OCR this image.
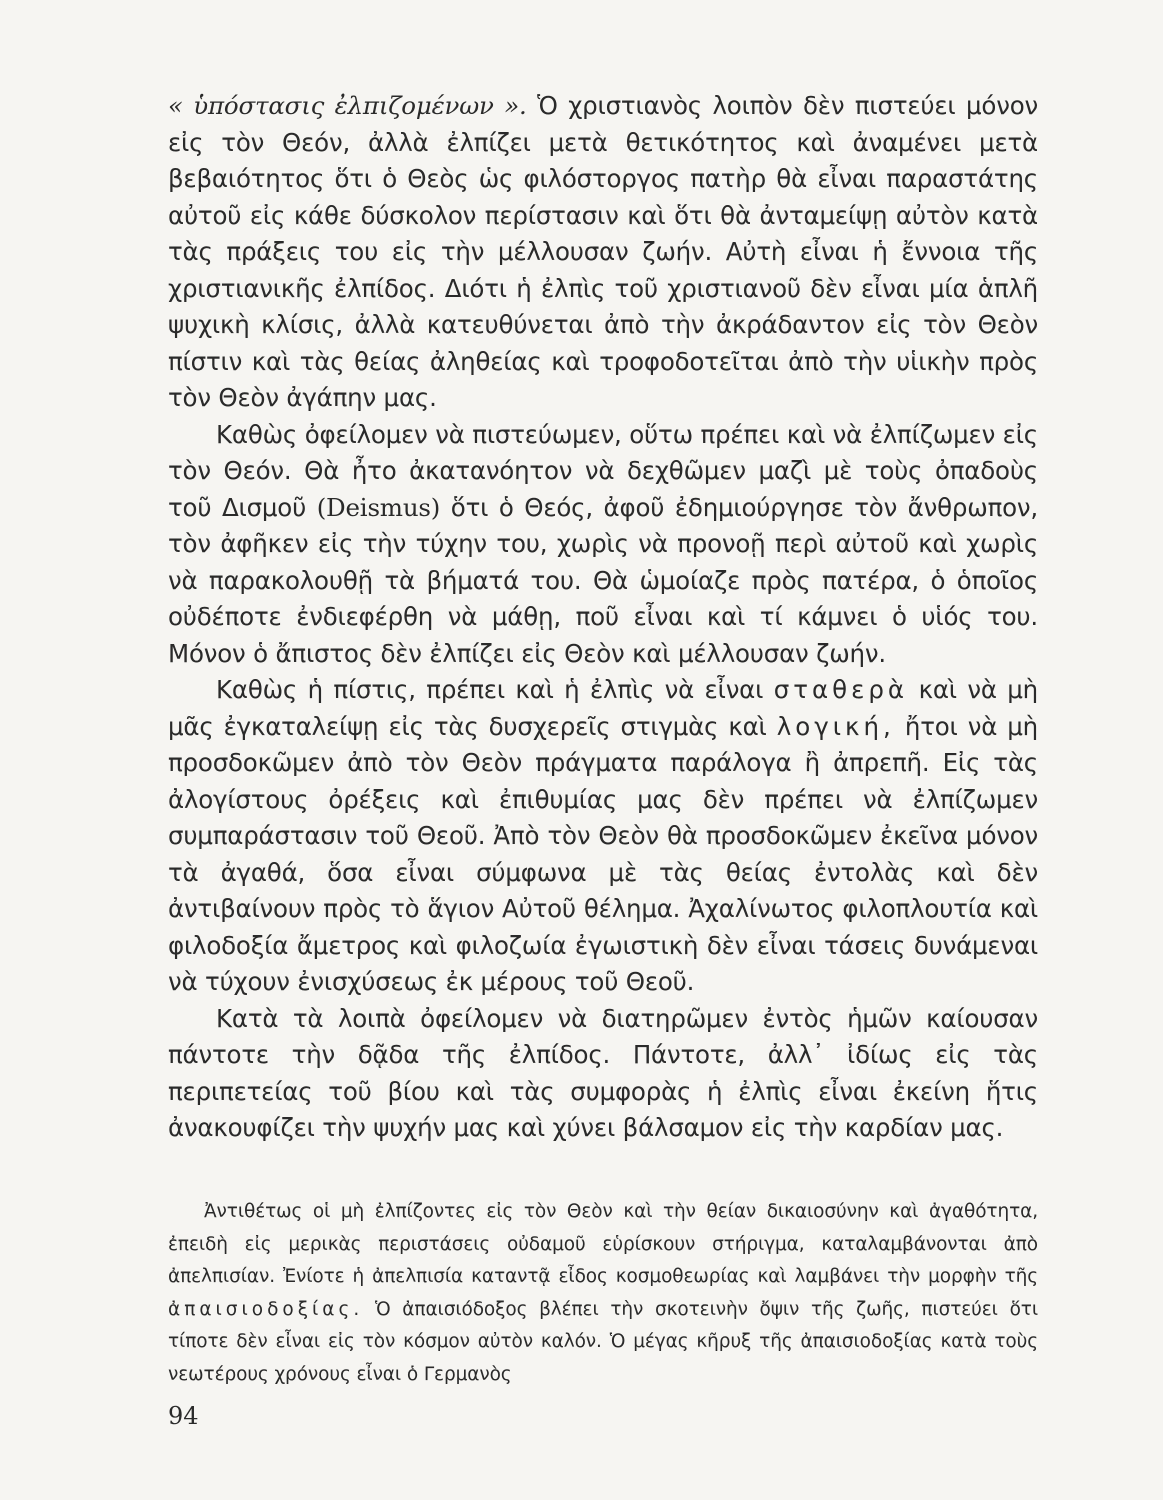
« ὑπόστασις ἐλπιζομένων ». Ὁ χριστιανὸς λοιπὸν δὲν πιστεύει μόνον εἰς τὸν Θεόν, ἀλλὰ ἐλπίζει μετὰ θετικότητος καὶ ἀναμένει μετὰ βεβαιότητος ὅτι ὁ Θεὸς ὡς φιλόστοργος πατὴρ θὰ εἶναι παραστάτης αὐτοῦ εἰς κάθε δύσκολον περίστασιν καὶ ὅτι θὰ ἀνταμείψῃ αὐτὸν κατὰ τὰς πράξεις του εἰς τὴν μέλλουσαν ζωήν. Αὐτὴ εἶναι ἡ ἔννοια τῆς χριστιανικῆς ἐλπίδος. Διότι ἡ ἐλπὶς τοῦ χριστιανοῦ δὲν εἶναι μία ἁπλῆ ψυχικὴ κλίσις, ἀλλὰ κατευθύνεται ἀπὸ τὴν ἀκράδαντον εἰς τὸν Θεὸν πίστιν καὶ τὰς θείας ἀληθείας καὶ τροφοδοτεῖται ἀπὸ τὴν υἱικὴν πρὸς τὸν Θεὸν ἀγάπην μας.

Καθὼς ὀφείλομεν νὰ πιστεύωμεν, οὕτω πρέπει καὶ νὰ ἐλπίζωμεν εἰς τὸν Θεόν. Θὰ ἦτο ἀκατανόητον νὰ δεχθῶμεν μαζὶ μὲ τοὺς ὀπαδοὺς τοῦ Δισμοῦ (Deismus) ὅτι ὁ Θεός, ἀφοῦ ἐδημιούργησε τὸν ἄνθρωπον, τὸν ἀφῆκεν εἰς τὴν τύχην του, χωρὶς νὰ προνοῇ περὶ αὐτοῦ καὶ χωρὶς νὰ παρακολουθῇ τὰ βήματά του. Θὰ ὡμοίαζε πρὸς πατέρα, ὁ ὁποῖος οὐδέποτε ἐνδιεφέρθη νὰ μάθῃ, ποῦ εἶναι καὶ τί κάμνει ὁ υἱός του. Μόνον ὁ ἄπιστος δὲν ἐλπίζει εἰς Θεὸν καὶ μέλλουσαν ζωήν.

Καθὼς ἡ πίστις, πρέπει καὶ ἡ ἐλπὶς νὰ εἶναι σταθερὰ καὶ νὰ μὴ μᾶς ἐγκαταλείψῃ εἰς τὰς δυσχερεῖς στιγμὰς καὶ λογική, ἤτοι νὰ μὴ προσδοκῶμεν ἀπὸ τὸν Θεὸν πράγματα παράλογα ἢ ἀπρεπῆ. Εἰς τὰς ἀλογίστους ὀρέξεις καὶ ἐπιθυμίας μας δὲν πρέπει νὰ ἐλπίζωμεν συμπαράστασιν τοῦ Θεοῦ. Ἀπὸ τὸν Θεὸν θὰ προσδοκῶμεν ἐκεῖνα μόνον τὰ ἀγαθά, ὅσα εἶναι σύμφωνα μὲ τὰς θείας ἐντολὰς καὶ δὲν ἀντιβαίνουν πρὸς τὸ ἅγιον Αὐτοῦ θέλημα. Ἀχαλίνωτος φιλοπλουτία καὶ φιλοδοξία ἄμετρος καὶ φιλοζωία ἐγωιστικὴ δὲν εἶναι τάσεις δυνάμεναι νὰ τύχουν ἐνισχύσεως ἐκ μέρους τοῦ Θεοῦ.

Κατὰ τὰ λοιπὰ ὀφείλομεν νὰ διατηρῶμεν ἐντὸς ἡμῶν καίουσαν πάντοτε τὴν δᾷδα τῆς ἐλπίδος. Πάντοτε, ἀλλ᾽ ἰδίως εἰς τὰς περιπετείας τοῦ βίου καὶ τὰς συμφορὰς ἡ ἐλπὶς εἶναι ἐκείνη ἥτις ἀνακουφίζει τὴν ψυχήν μας καὶ χύνει βάλσαμον εἰς τὴν καρδίαν μας.

Ἀντιθέτως οἱ μὴ ἐλπίζοντες εἰς τὸν Θεὸν καὶ τὴν θείαν δικαιοσύνην καὶ ἀγαθότητα, ἐπειδὴ εἰς μερικὰς περιστάσεις οὐδαμοῦ εὑρίσκουν στήριγμα, καταλαμβάνονται ἀπὸ ἀπελπισίαν. Ἐνίοτε ἡ ἀπελπισία καταντᾷ εἶδος κοσμοθεωρίας καὶ λαμβάνει τὴν μορφὴν τῆς ἀπαισιοδοξίας. Ὁ ἀπαισιόδοξος βλέπει τὴν σκοτεινὴν ὄψιν τῆς ζωῆς, πιστεύει ὅτι τίποτε δὲν εἶναι εἰς τὸν κόσμον αὐτὸν καλόν. Ὁ μέγας κῆρυξ τῆς ἀπαισιοδοξίας κατὰ τοὺς νεωτέρους χρόνους εἶναι ὁ Γερμανὸς

94
